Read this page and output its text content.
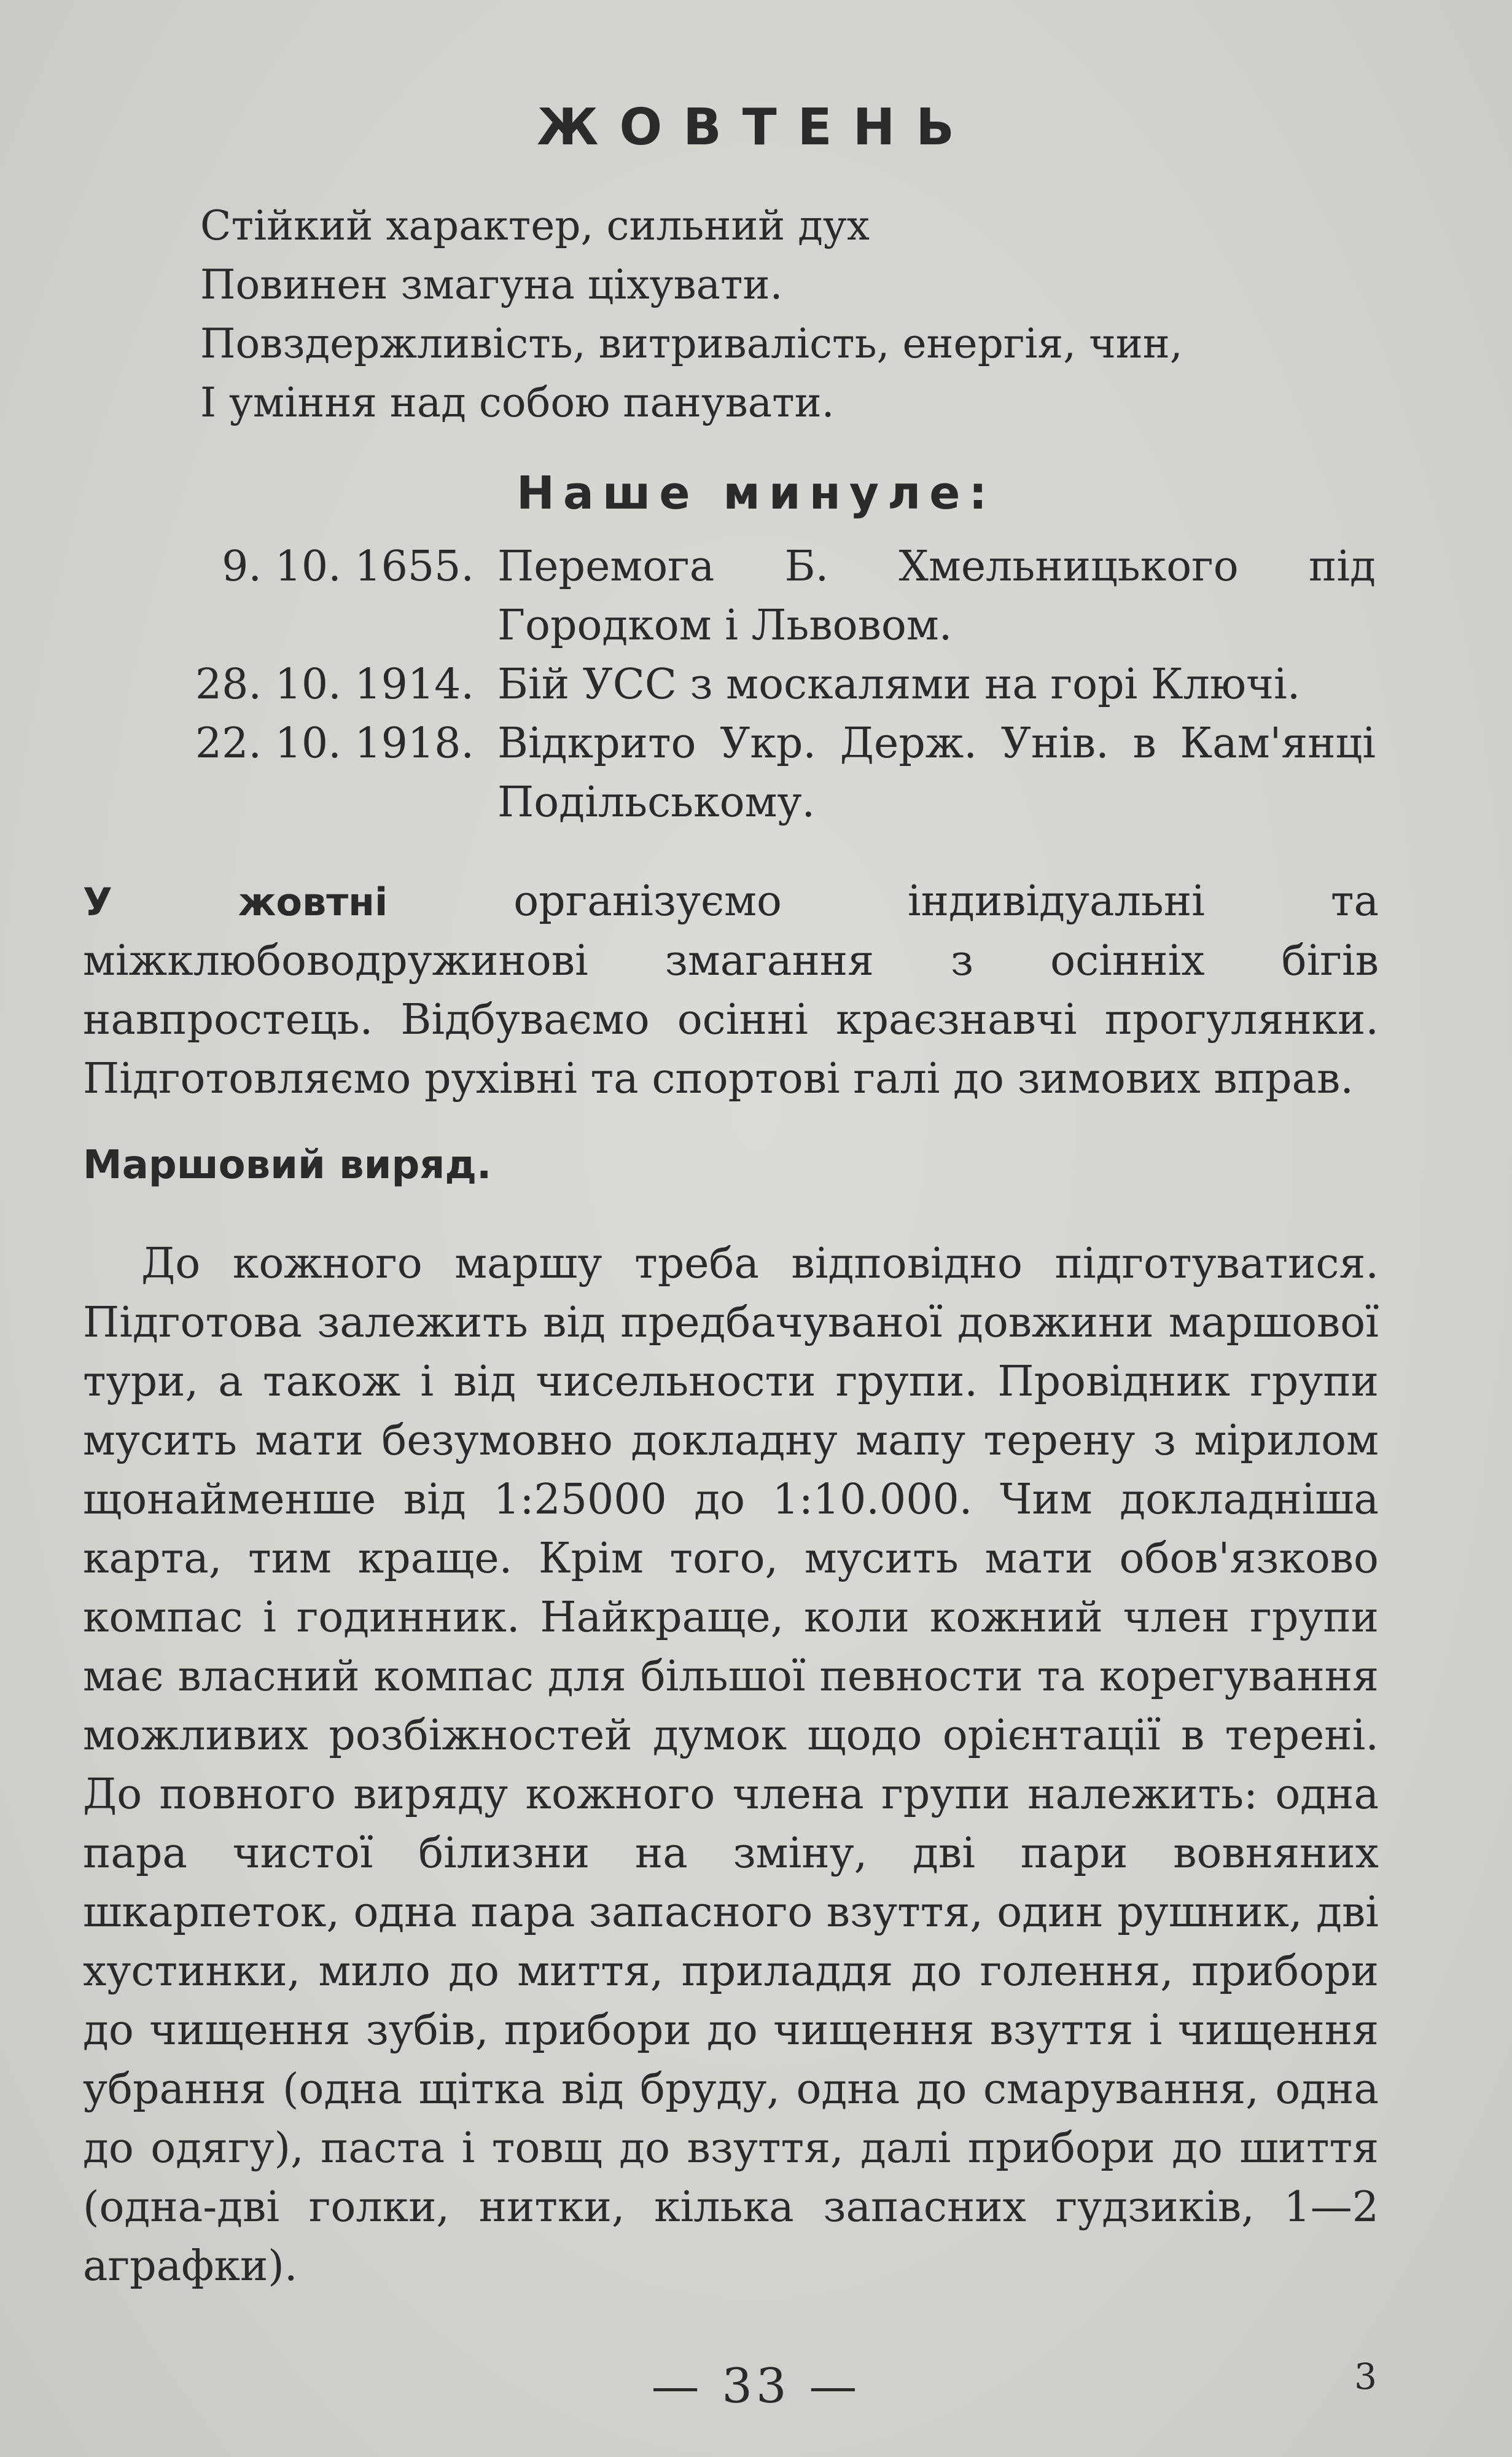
ЖОВТЕНЬ
Стійкий характер, сильний дух
Повинен змагуна ціхувати.
Повздержливість, витривалість, енергія, чин,
І уміння над собою панувати.
Наше минуле:
9. 10. 1655. Перемога Б. Хмельницького під Городком і Львовом.
28. 10. 1914. Бій УСС з москалями на горі Ключі.
22. 10. 1918. Відкрито Укр. Держ. Унів. в Кам'янці Подільському.
У жовтні	організуємо індивідуальні та міжклюбоводружинові змагання з осінніх бігів навпростець. Відбуваємо осінні краєзнавчі прогулянки. Підготовляємо рухівні та спортові галі до зимових вправ.
Маршовий виряд.
До кожного маршу треба відповідно підготуватися. Підготова залежить від предбачуваної довжини маршової тури, а також і від чисельности групи. Провідник групи мусить мати безумовно докладну мапу терену з мірилом щонайменше від 1:25000 до 1:10.000. Чим докладніша карта, тим краще. Крім того, мусить мати обов'язково компас і годинник. Найкраще, коли кожний член групи має власний компас для більшої певности та корегування можливих розбіжностей думок щодо орієнтації в терені. До повного виряду кожного члена групи належить: одна пара чистої білизни на зміну, дві пари вовняних шкарпеток, одна пара запасного взуття, один рушник, дві хустинки, мило до миття, приладдя до голення, прибори до чищення зубів, прибори до чищення взуття і чищення убрання (одна щітка від бруду, одна до смарування, одна до одягу), паста і товщ до взуття, далі прибори до шиття (одна-дві голки, нитки, кілька запасних гудзиків, 1—2 аграфки).
— 33 —	3
